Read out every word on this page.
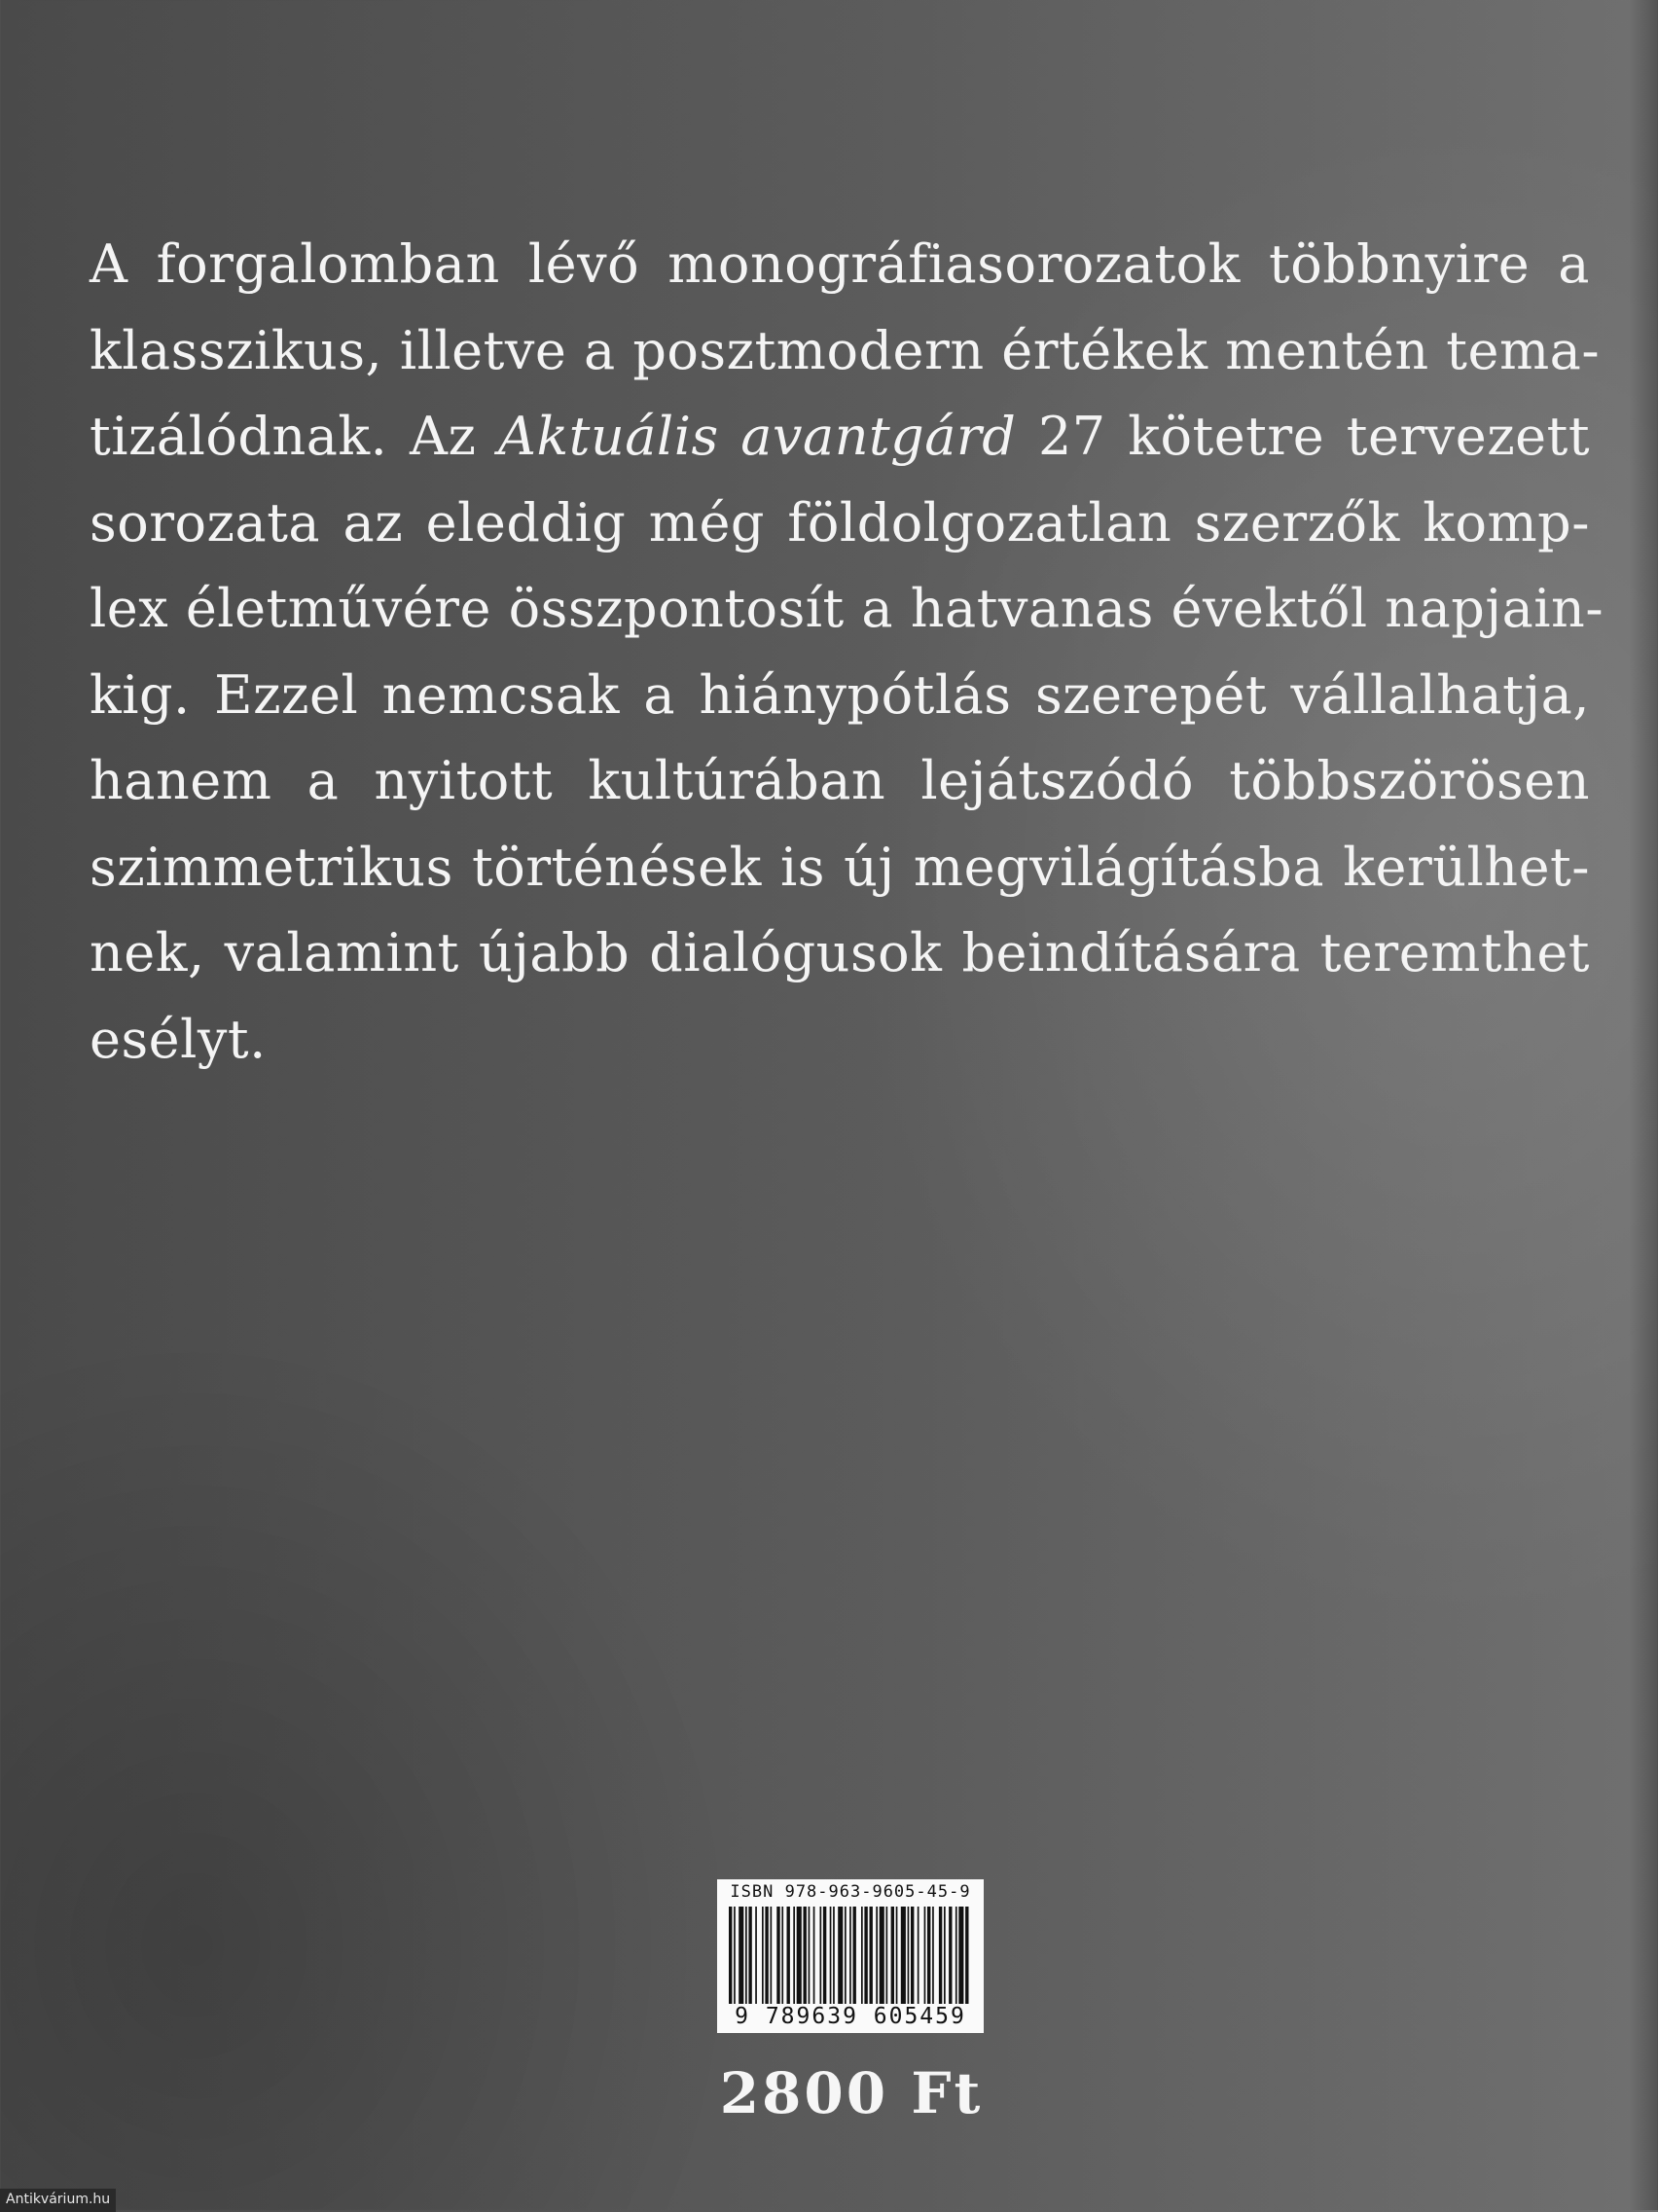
A forgalomban lévő monográfiasorozatok többnyire a
klasszikus, illetve a posztmodern értékek mentén tema-
tizálódnak. Az Aktuális avantgárd 27 kötetre tervezett
sorozata az eleddig még földolgozatlan szerzők komp-
lex életművére összpontosít a hatvanas évektől napjain-
kig. Ezzel nemcsak a hiánypótlás szerepét vállalhatja,
hanem a nyitott kultúrában lejátszódó többszörösen
szimmetrikus történések is új megvilágításba kerülhet-
nek, valamint újabb dialógusok beindítására teremthet
esélyt.
ISBN 978-963-9605-45-9
9 789639 605459
2800 Ft
Antikvárium.hu
